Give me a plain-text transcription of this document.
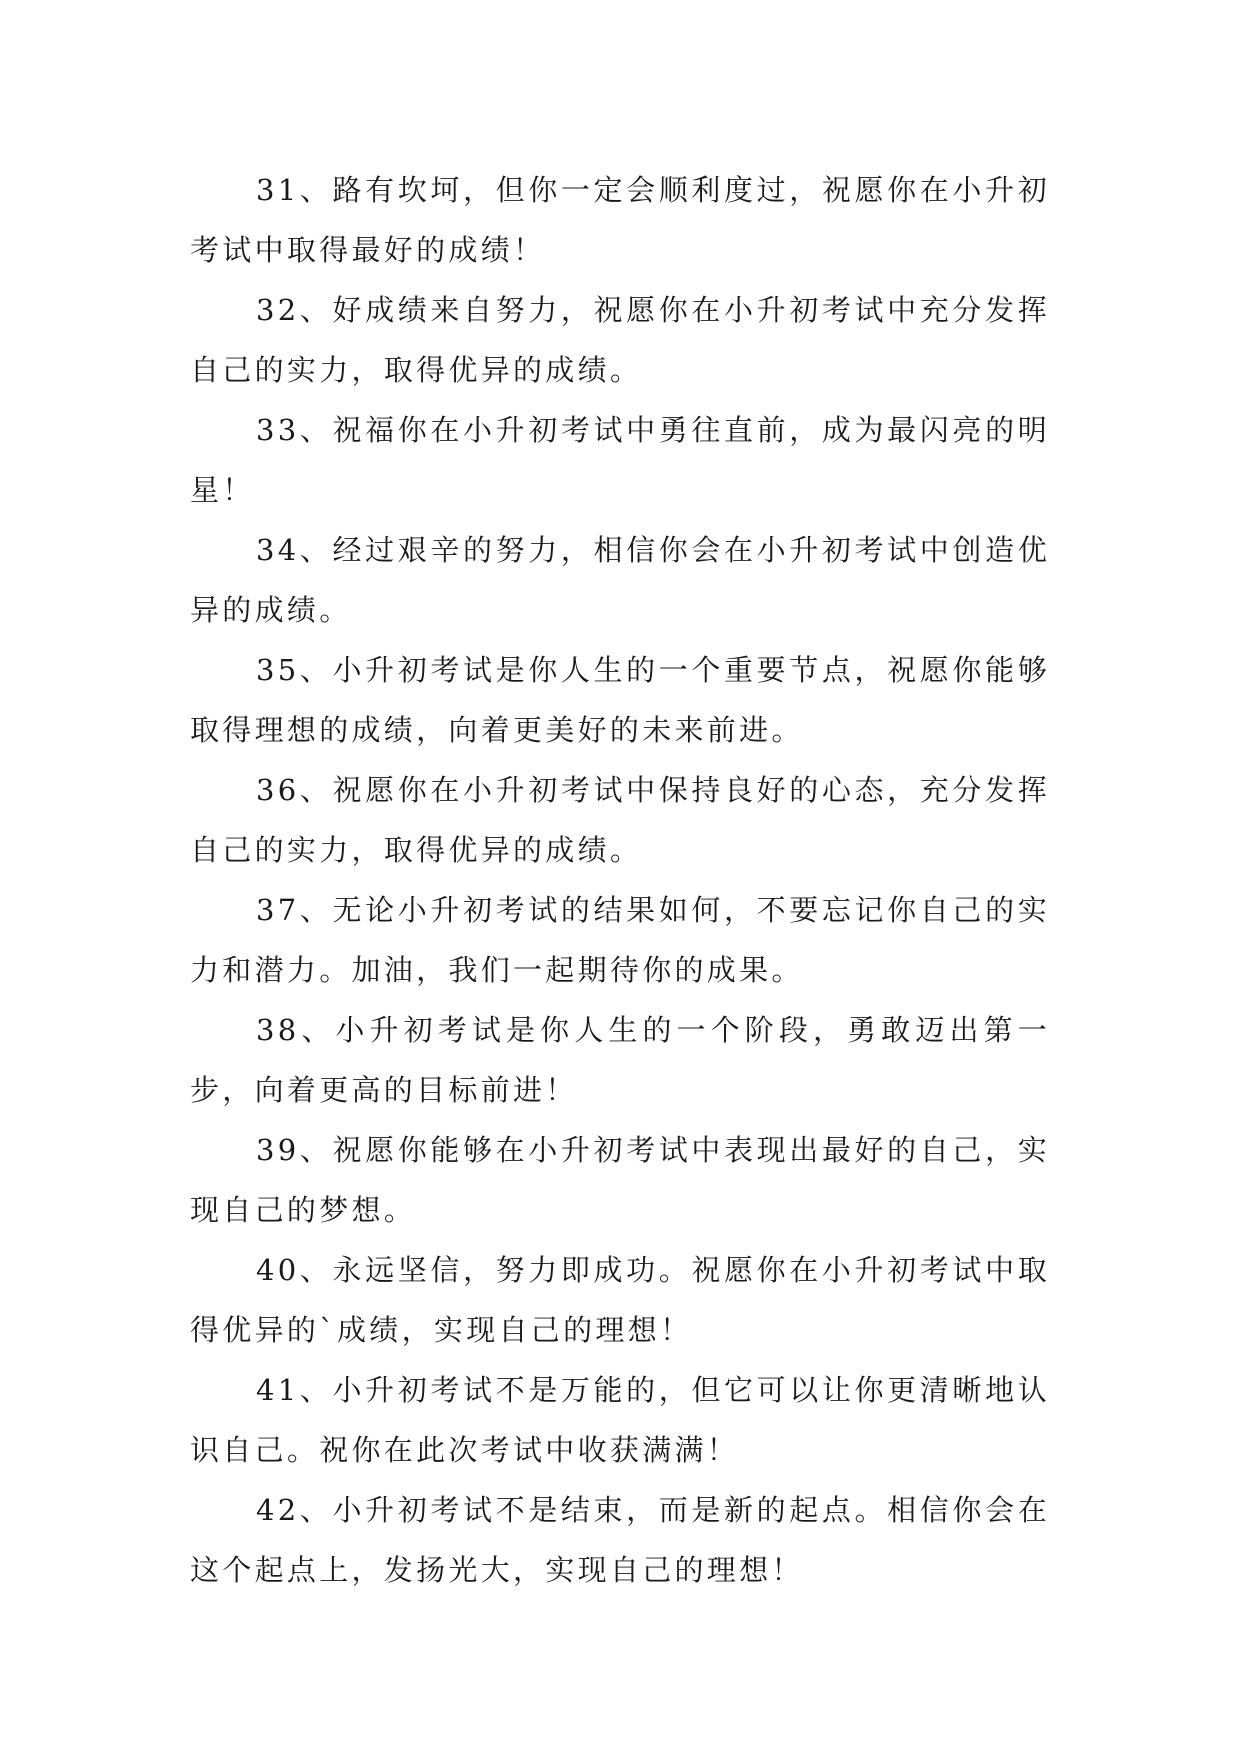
31、路有坎坷，但你一定会顺利度过，祝愿你在小升初考试中取得最好的成绩！

32、好成绩来自努力，祝愿你在小升初考试中充分发挥自己的实力，取得优异的成绩。

33、祝福你在小升初考试中勇往直前，成为最闪亮的明星！

34、经过艰辛的努力，相信你会在小升初考试中创造优异的成绩。

35、小升初考试是你人生的一个重要节点，祝愿你能够取得理想的成绩，向着更美好的未来前进。

36、祝愿你在小升初考试中保持良好的心态，充分发挥自己的实力，取得优异的成绩。

37、无论小升初考试的结果如何，不要忘记你自己的实力和潜力。加油，我们一起期待你的成果。

38、小升初考试是你人生的一个阶段，勇敢迈出第一步，向着更高的目标前进！

39、祝愿你能够在小升初考试中表现出最好的自己，实现自己的梦想。

40、永远坚信，努力即成功。祝愿你在小升初考试中取得优异的`成绩，实现自己的理想！

41、小升初考试不是万能的，但它可以让你更清晰地认识自己。祝你在此次考试中收获满满！

42、小升初考试不是结束，而是新的起点。相信你会在这个起点上，发扬光大，实现自己的理想！
